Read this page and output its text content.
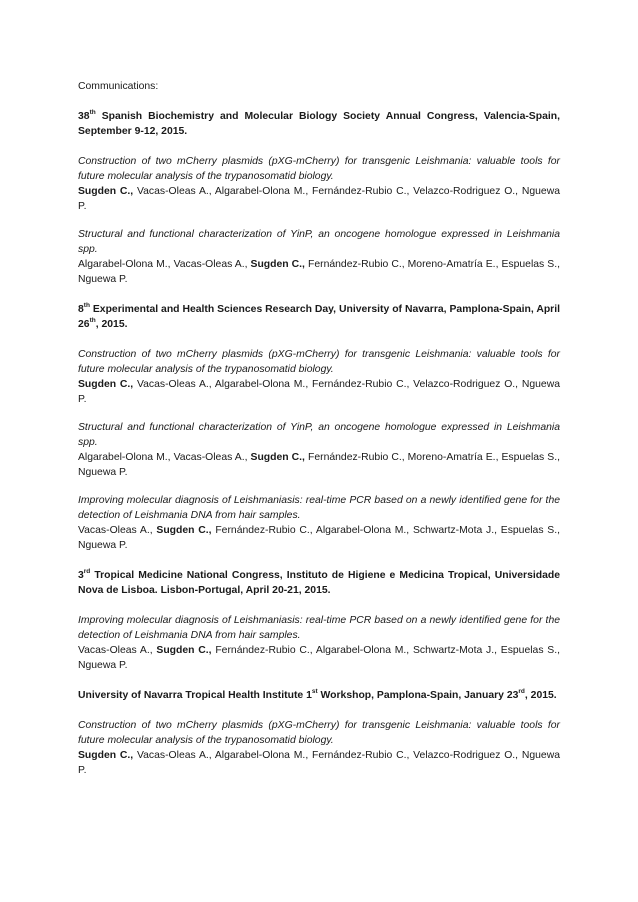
Communications:
38th Spanish Biochemistry and Molecular Biology Society Annual Congress, Valencia-Spain, September 9-12, 2015.
Construction of two mCherry plasmids (pXG-mCherry) for transgenic Leishmania: valuable tools for future molecular analysis of the trypanosomatid biology.
Sugden C., Vacas-Oleas A., Algarabel-Olona M., Fernández-Rubio C., Velazco-Rodriguez O., Nguewa P.
Structural and functional characterization of YinP, an oncogene homologue expressed in Leishmania spp.
Algarabel-Olona M., Vacas-Oleas A., Sugden C., Fernández-Rubio C., Moreno-Amatría E., Espuelas S., Nguewa P.
8th Experimental and Health Sciences Research Day, University of Navarra, Pamplona-Spain, April 26th, 2015.
Construction of two mCherry plasmids (pXG-mCherry) for transgenic Leishmania: valuable tools for future molecular analysis of the trypanosomatid biology.
Sugden C., Vacas-Oleas A., Algarabel-Olona M., Fernández-Rubio C., Velazco-Rodriguez O., Nguewa P.
Structural and functional characterization of YinP, an oncogene homologue expressed in Leishmania spp.
Algarabel-Olona M., Vacas-Oleas A., Sugden C., Fernández-Rubio C., Moreno-Amatría E., Espuelas S., Nguewa P.
Improving molecular diagnosis of Leishmaniasis: real-time PCR based on a newly identified gene for the detection of Leishmania DNA from hair samples.
Vacas-Oleas A., Sugden C., Fernández-Rubio C., Algarabel-Olona M., Schwartz-Mota J., Espuelas S., Nguewa P.
3rd Tropical Medicine National Congress, Instituto de Higiene e Medicina Tropical, Universidade Nova de Lisboa. Lisbon-Portugal, April 20-21, 2015.
Improving molecular diagnosis of Leishmaniasis: real-time PCR based on a newly identified gene for the detection of Leishmania DNA from hair samples.
Vacas-Oleas A., Sugden C., Fernández-Rubio C., Algarabel-Olona M., Schwartz-Mota J., Espuelas S., Nguewa P.
University of Navarra Tropical Health Institute 1st Workshop, Pamplona-Spain, January 23rd, 2015.
Construction of two mCherry plasmids (pXG-mCherry) for transgenic Leishmania: valuable tools for future molecular analysis of the trypanosomatid biology.
Sugden C., Vacas-Oleas A., Algarabel-Olona M., Fernández-Rubio C., Velazco-Rodriguez O., Nguewa P.
